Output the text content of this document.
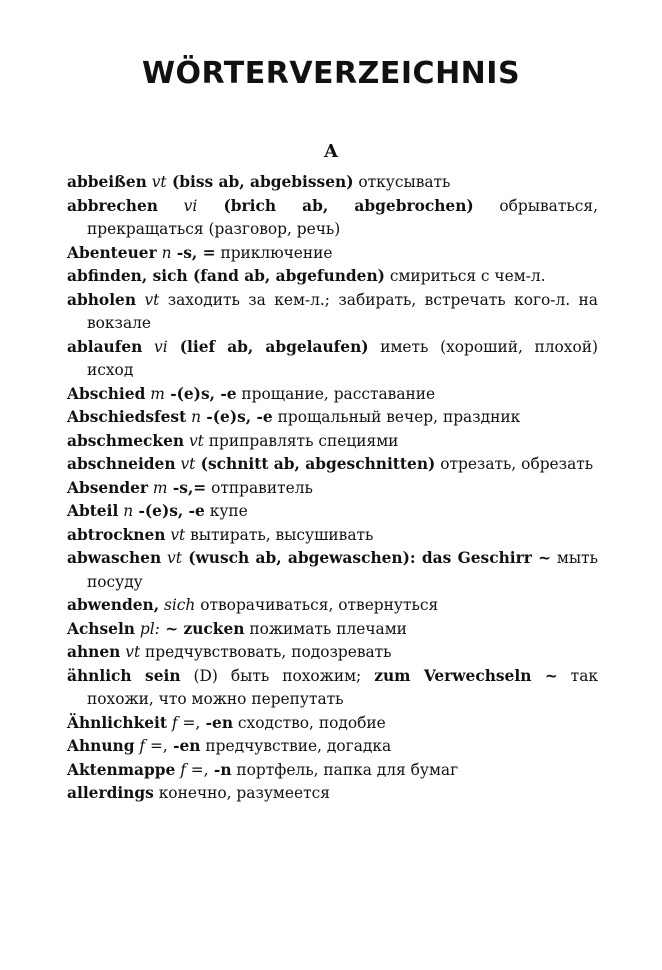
WÖRTERVERZEICHNIS
A

abbeißen vt (biss ab, abgebissen) откусывать

abbrechen vi (brich ab, abgebrochen) обрываться, прекращаться (разговор, речь)

Abenteuer n -s, = приключение

abfinden, sich (fand ab, abgefunden) смириться с чем-л.

abholen vt заходить за кем-л.; забирать, встречать кого-л. на вокзале

ablaufen vi (lief ab, abgelaufen) иметь (хороший, плохой) исход

Abschied m -(e)s, -e прощание, расставание

Abschiedsfest n -(e)s, -e прощальный вечер, праздник

abschmecken vt приправлять специями

abschneiden vt (schnitt ab, abgeschnitten) отрезать, обрезать

Absender m -s,= отправитель

Abteil n -(e)s, -e купе

abtrocknen vt вытирать, высушивать

abwaschen vt (wusch ab, abgewaschen): das Geschirr ~ мыть посуду

abwenden, sich отворачиваться, отвернуться

Achseln pl: ~ zucken пожимать плечами

ahnen vt предчувствовать, подозревать

ähnlich sein (D) быть похожим; zum Verwechseln ~ так похожи, что можно перепутать

Ähnlichkeit f =, -en сходство, подобие

Ahnung f =, -en предчувствие, догадка

Aktenmappe f =, -n портфель, папка для бумаг

allerdings конечно, разумеется
